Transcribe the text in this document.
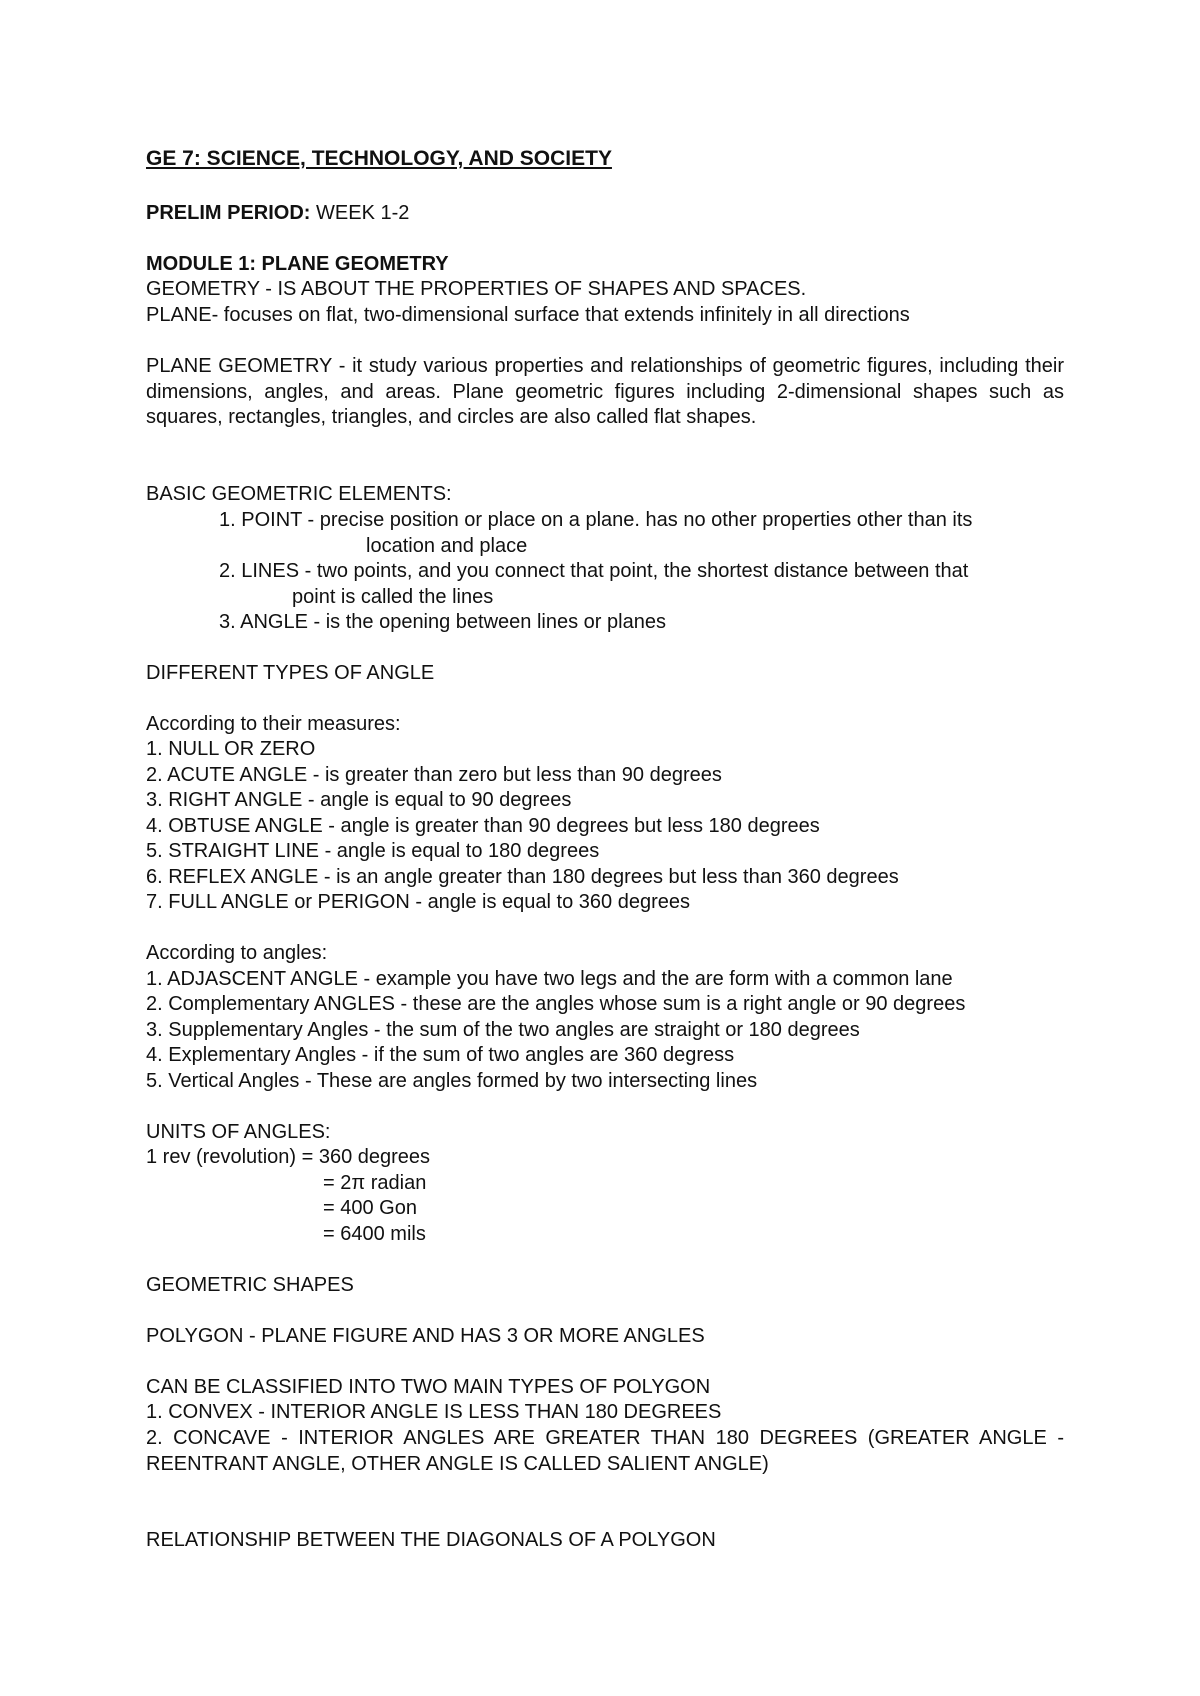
GE 7: SCIENCE, TECHNOLOGY, AND SOCIETY
PRELIM PERIOD: WEEK 1-2
MODULE 1: PLANE GEOMETRY
GEOMETRY - IS ABOUT THE PROPERTIES OF SHAPES AND SPACES.
PLANE- focuses on flat, two-dimensional surface that extends infinitely in all directions
PLANE GEOMETRY - it study various properties and relationships of geometric figures, including their dimensions, angles, and areas. Plane geometric figures including 2-dimensional shapes such as squares, rectangles, triangles, and circles are also called flat shapes.
BASIC GEOMETRIC ELEMENTS:
1. POINT - precise position or place on a plane. has no other properties other than its
location and place
2. LINES - two points, and you connect that point, the shortest distance between that
point is called the lines
3. ANGLE - is the opening between lines or planes
DIFFERENT TYPES OF ANGLE
According to their measures:
1. NULL OR ZERO
2. ACUTE ANGLE - is greater than zero but less than 90 degrees
3. RIGHT ANGLE - angle is equal to 90 degrees
4. OBTUSE ANGLE - angle is greater than 90 degrees but less 180 degrees
5. STRAIGHT LINE - angle is equal to 180 degrees
6. REFLEX ANGLE - is an angle greater than 180 degrees but less than 360 degrees
7. FULL ANGLE or PERIGON - angle is equal to 360 degrees
According to angles:
1. ADJASCENT ANGLE - example you have two legs and the are form with a common lane
2. Complementary ANGLES - these are the angles whose sum is a right angle or 90 degrees
3. Supplementary Angles - the sum of the two angles are straight or 180 degrees
4. Explementary Angles - if the sum of two angles are 360 degress
5. Vertical Angles - These are angles formed by two intersecting lines
UNITS OF ANGLES:
1 rev (revolution) = 360 degrees
= 2π radian
= 400 Gon
= 6400 mils
GEOMETRIC SHAPES
POLYGON - PLANE FIGURE AND HAS 3 OR MORE ANGLES
CAN BE CLASSIFIED INTO TWO MAIN TYPES OF POLYGON
1. CONVEX - INTERIOR ANGLE IS LESS THAN 180 DEGREES
2. CONCAVE - INTERIOR ANGLES ARE GREATER THAN 180 DEGREES (GREATER ANGLE - REENTRANT ANGLE, OTHER ANGLE IS CALLED SALIENT ANGLE)
RELATIONSHIP BETWEEN THE DIAGONALS OF A POLYGON
